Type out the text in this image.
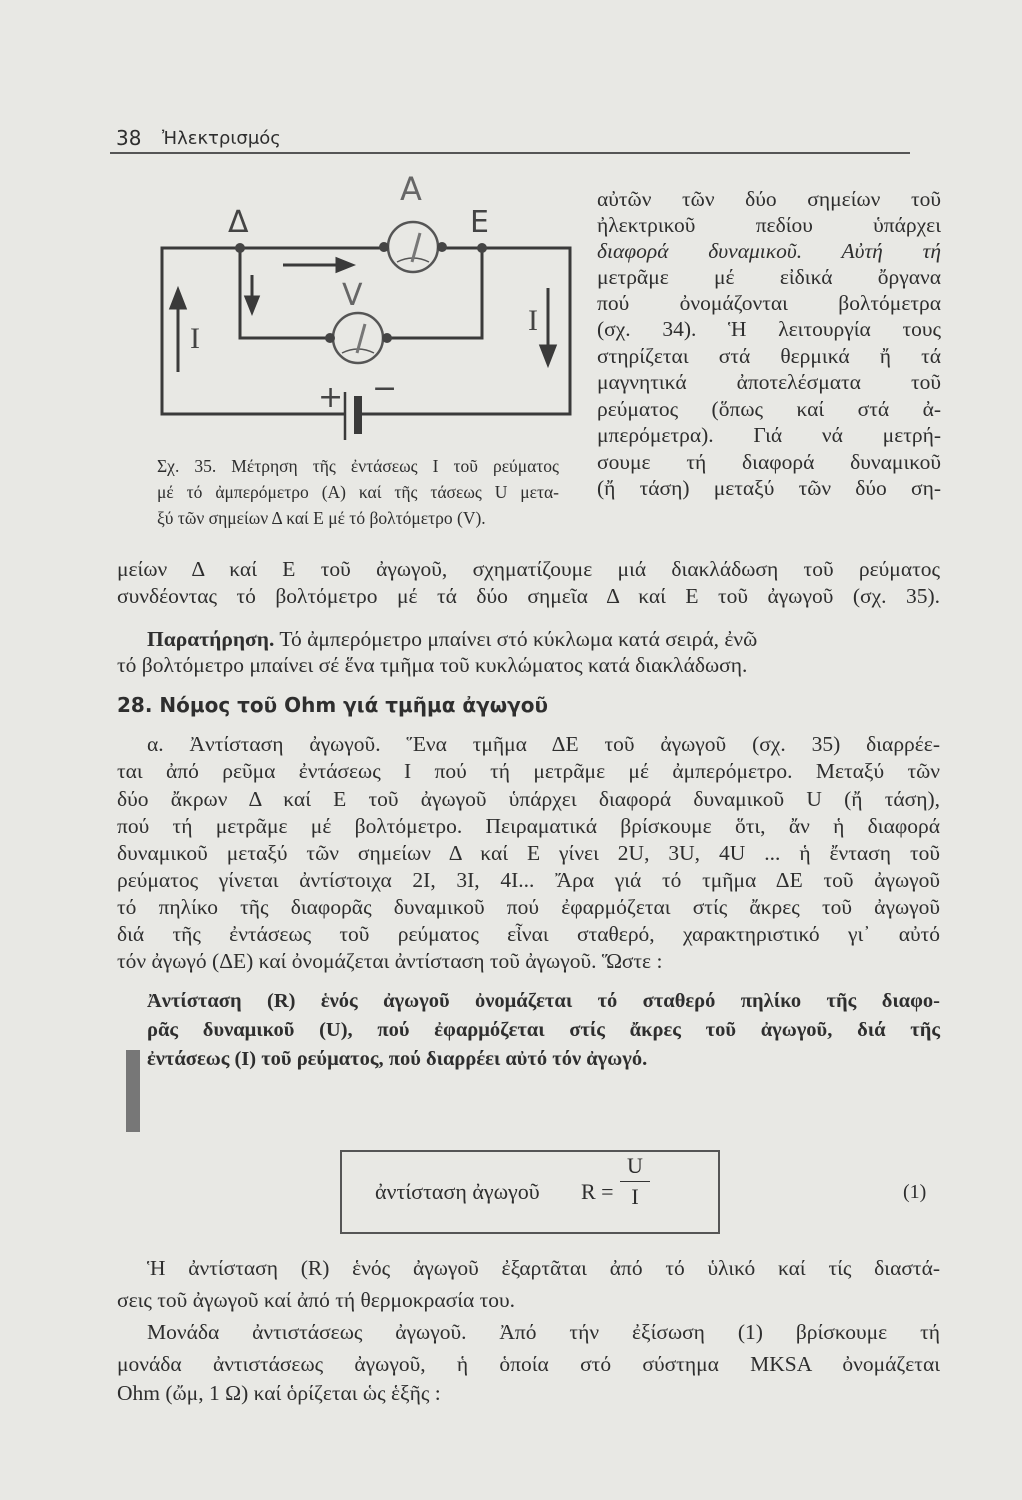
38 Ἠλεκτρισμός
Δ
A
E
V
+ −
I
I
Σχ. 35. Μέτρηση τῆς ἐντάσεως I τοῦ ρεύματος
μέ τό ἀμπερόμετρο (A) καί τῆς τάσεως U μετα-
ξύ τῶν σημείων Δ καί E μέ τό βολτόμετρο (V).
αὐτῶν τῶν δύο σημείων τοῦ
ἠλεκτρικοῦ πεδίου ὑπάρχει
διαφορά δυναμικοῦ. Αὐτή τή
μετρᾶμε μέ εἰδικά ὄργανα
πού ὀνομάζονται βολτόμετρα
(σχ. 34). Ἡ λειτουργία τους
στηρίζεται στά θερμικά ἤ τά
μαγνητικά ἀποτελέσματα τοῦ
ρεύματος (ὅπως καί στά ἀ-
μπερόμετρα). Γιά νά μετρή-
σουμε τή διαφορά δυναμικοῦ
(ἤ τάση) μεταξύ τῶν δύο ση-
μείων Δ καί E τοῦ ἀγωγοῦ, σχηματίζουμε μιά διακλάδωση τοῦ ρεύματος
συνδέοντας τό βολτόμετρο μέ τά δύο σημεῖα Δ καί E τοῦ ἀγωγοῦ (σχ. 35).
Παρατήρηση. Τό ἀμπερόμετρο μπαίνει στό κύκλωμα κατά σειρά, ἐνῶ
τό βολτόμετρο μπαίνει σέ ἕνα τμῆμα τοῦ κυκλώματος κατά διακλάδωση.
28. Νόμος τοῦ Ohm γιά τμῆμα ἀγωγοῦ
α. Ἀντίσταση ἀγωγοῦ. Ἕνα τμῆμα ΔE τοῦ ἀγωγοῦ (σχ. 35) διαρρέε-
ται ἀπό ρεῦμα ἐντάσεως I πού τή μετρᾶμε μέ ἀμπερόμετρο. Μεταξύ τῶν
δύο ἄκρων Δ καί E τοῦ ἀγωγοῦ ὑπάρχει διαφορά δυναμικοῦ U (ἤ τάση),
πού τή μετρᾶμε μέ βολτόμετρο. Πειραματικά βρίσκουμε ὅτι, ἄν ἡ διαφορά
δυναμικοῦ μεταξύ τῶν σημείων Δ καί E γίνει 2U, 3U, 4U ... ἡ ἔνταση τοῦ
ρεύματος γίνεται ἀντίστοιχα 2I, 3I, 4I... Ἄρα γιά τό τμῆμα ΔE τοῦ ἀγωγοῦ
τό πηλίκο τῆς διαφορᾶς δυναμικοῦ πού ἐφαρμόζεται στίς ἄκρες τοῦ ἀγωγοῦ
διά τῆς ἐντάσεως τοῦ ρεύματος εἶναι σταθερό, χαρακτηριστικό γι᾽ αὐτό
τόν ἀγωγό (ΔE) καί ὀνομάζεται ἀντίσταση τοῦ ἀγωγοῦ. Ὥστε :
Ἀντίσταση (R) ἑνός ἀγωγοῦ ὀνομάζεται τό σταθερό πηλίκο τῆς διαφο-
ρᾶς δυναμικοῦ (U), πού ἐφαρμόζεται στίς ἄκρες τοῦ ἀγωγοῦ, διά τῆς
ἐντάσεως (I) τοῦ ρεύματος, πού διαρρέει αὐτό τόν ἀγωγό.
ἀντίσταση ἀγωγοῦ R =
U
I	(1)
Ἡ ἀντίσταση (R) ἑνός ἀγωγοῦ ἐξαρτᾶται ἀπό τό ὑλικό καί τίς διαστά-
σεις τοῦ ἀγωγοῦ καί ἀπό τή θερμοκρασία του.
Μονάδα ἀντιστάσεως ἀγωγοῦ. Ἀπό τήν ἐξίσωση (1) βρίσκουμε τή
μονάδα ἀντιστάσεως ἀγωγοῦ, ἡ ὁποία στό σύστημα MKSA ὀνομάζεται
Ohm (ὤμ, 1 Ω) καί ὁρίζεται ὡς ἑξῆς :
